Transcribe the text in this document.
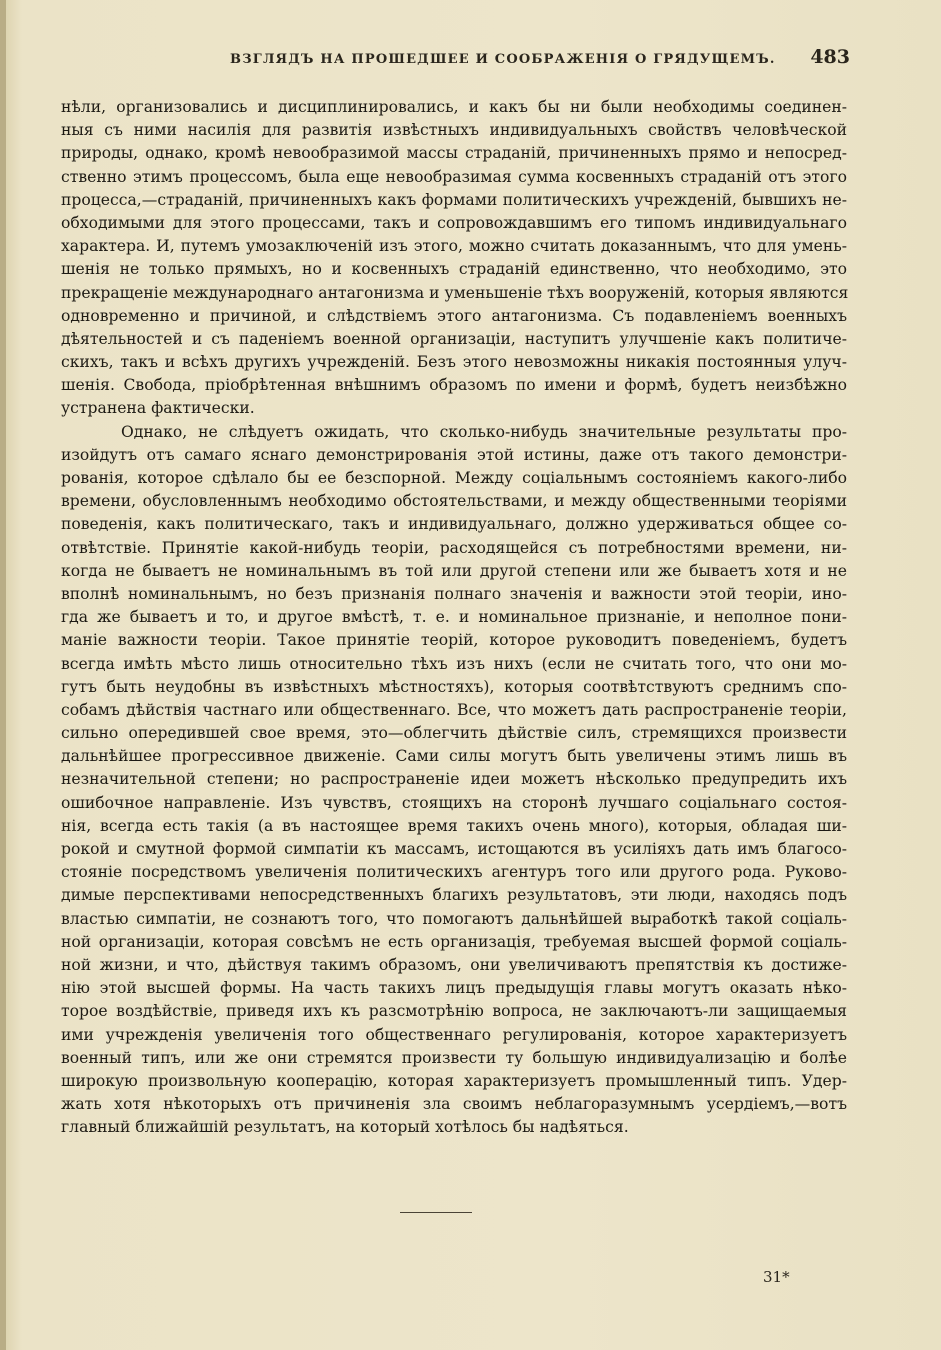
ВЗГЛЯДЪ НА ПРОШЕДШЕЕ И СООБРАЖЕНІЯ О ГРЯДУЩЕМЪ. 483
нѣли, организовались и дисциплинировались, и какъ бы ни были необходимы соединен-
ныя съ ними насилія для развитія извѣстныхъ индивидуальныхъ свойствъ человѣческой
природы, однако, кромѣ невообразимой массы страданій, причиненныхъ прямо и непосред-
ственно этимъ процессомъ, была еще невообразимая сумма косвенныхъ страданій отъ этого
процесса,—страданій, причиненныхъ какъ формами политическихъ учрежденій, бывшихъ не-
обходимыми для этого процессами, такъ и сопровождавшимъ его типомъ индивидуальнаго
характера. И, путемъ умозаключеній изъ этого, можно считать доказаннымъ, что для умень-
шенія не только прямыхъ, но и косвенныхъ страданій единственно, что необходимо, это
прекращеніе международнаго антагонизма и уменьшеніе тѣхъ вооруженій, которыя являются
одновременно и причиной, и слѣдствіемъ этого антагонизма. Съ подавленіемъ военныхъ
дѣятельностей и съ паденіемъ военной организаціи, наступитъ улучшеніе какъ политиче-
скихъ, такъ и всѣхъ другихъ учрежденій. Безъ этого невозможны никакія постоянныя улуч-
шенія. Свобода, пріобрѣтенная внѣшнимъ образомъ по имени и формѣ, будетъ неизбѣжно
устранена фактически.
Однако, не слѣдуетъ ожидать, что сколько-нибудь значительные результаты про-
изойдутъ отъ самаго яснаго демонстрированія этой истины, даже отъ такого демонстри-
рованія, которое сдѣлало бы ее безспорной. Между соціальнымъ состояніемъ какого-либо
времени, обусловленнымъ необходимо обстоятельствами, и между общественными теоріями
поведенія, какъ политическаго, такъ и индивидуальнаго, должно удерживаться общее со-
отвѣтствіе. Принятіе какой-нибудь теоріи, расходящейся съ потребностями времени, ни-
когда не бываетъ не номинальнымъ въ той или другой степени или же бываетъ хотя и не
вполнѣ номинальнымъ, но безъ признанія полнаго значенія и важности этой теоріи, ино-
гда же бываетъ и то, и другое вмѣстѣ, т. е. и номинальное признаніе, и неполное пони-
маніе важности теоріи. Такое принятіе теорій, которое руководитъ поведеніемъ, будетъ
всегда имѣть мѣсто лишь относительно тѣхъ изъ нихъ (если не считать того, что они мо-
гутъ быть неудобны въ извѣстныхъ мѣстностяхъ), которыя соотвѣтствуютъ среднимъ спо-
собамъ дѣйствія частнаго или общественнаго. Все, что можетъ дать распространеніе теоріи,
сильно опередившей свое время, это—облегчить дѣйствіе силъ, стремящихся произвести
дальнѣйшее прогрессивное движеніе. Сами силы могутъ быть увеличены этимъ лишь въ
незначительной степени; но распространеніе идеи можетъ нѣсколько предупредить ихъ
ошибочное направленіе. Изъ чувствъ, стоящихъ на сторонѣ лучшаго соціальнаго состоя-
нія, всегда есть такія (а въ настоящее время такихъ очень много), которыя, обладая ши-
рокой и смутной формой симпатіи къ массамъ, истощаются въ усиліяхъ дать имъ благосо-
стояніе посредствомъ увеличенія политическихъ агентуръ того или другого рода. Руково-
димые перспективами непосредственныхъ благихъ результатовъ, эти люди, находясь подъ
властью симпатіи, не сознаютъ того, что помогаютъ дальнѣйшей выработкѣ такой соціаль-
ной организаціи, которая совсѣмъ не есть организація, требуемая высшей формой соціаль-
ной жизни, и что, дѣйствуя такимъ образомъ, они увеличиваютъ препятствія къ достиже-
нію этой высшей формы. На часть такихъ лицъ предыдущія главы могутъ оказать нѣко-
торое воздѣйствіе, приведя ихъ къ разсмотрѣнію вопроса, не заключаютъ-ли защищаемыя
ими учрежденія увеличенія того общественнаго регулированія, которое характеризуетъ
военный типъ, или же они стремятся произвести ту большую индивидуализацію и болѣе
широкую произвольную кооперацію, которая характеризуетъ промышленный типъ. Удер-
жать хотя нѣкоторыхъ отъ причиненія зла своимъ неблагоразумнымъ усердіемъ,—вотъ
главный ближайшій результатъ, на который хотѣлось бы надѣяться.
31*
